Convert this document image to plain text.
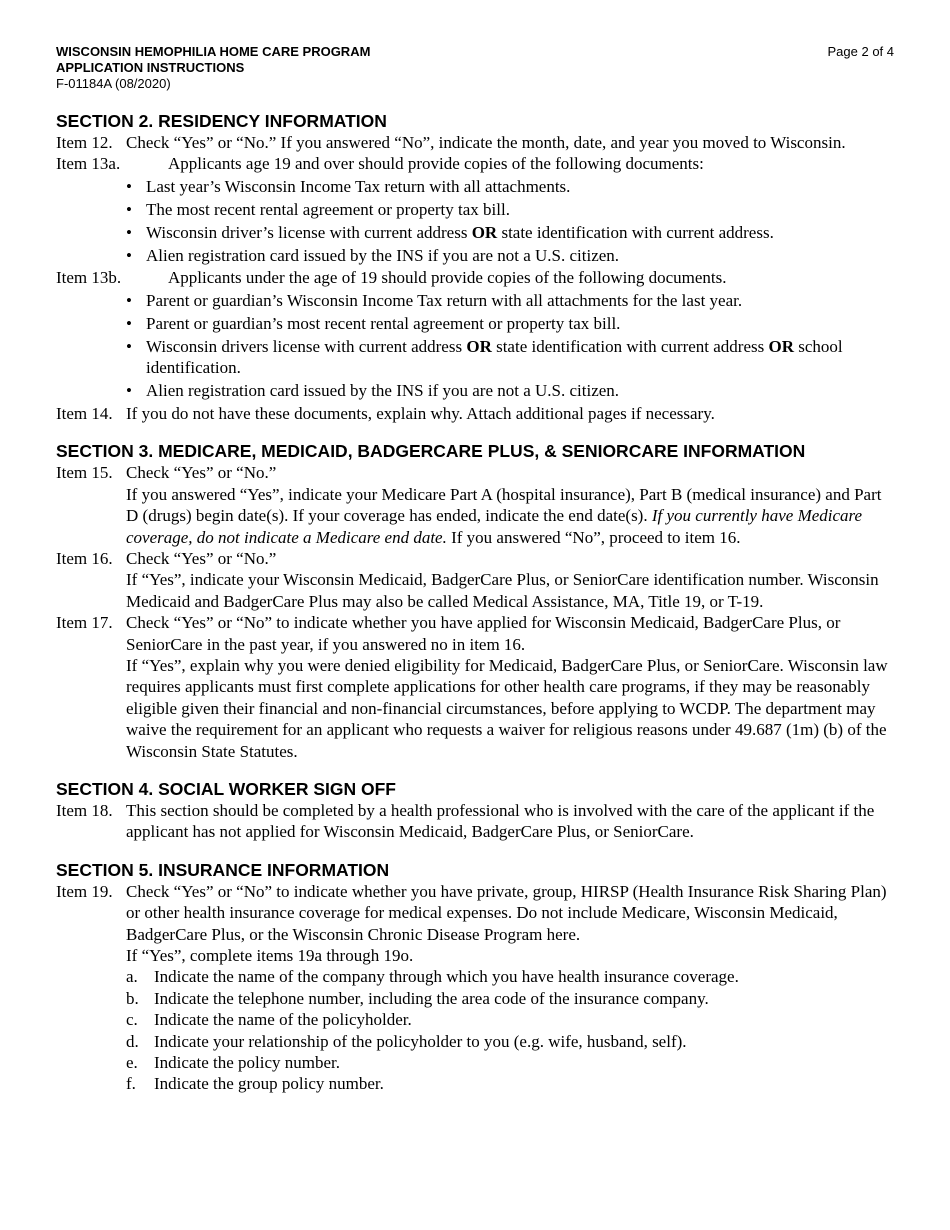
WISCONSIN HEMOPHILIA HOME CARE PROGRAM
APPLICATION INSTRUCTIONS
F-01184A (08/2020)
Page 2 of 4
SECTION 2. RESIDENCY INFORMATION
Item 12. Check “Yes” or “No.” If you answered “No”, indicate the month, date, and year you moved to Wisconsin.
Item 13a.	Applicants age 19 and over should provide copies of the following documents:
• Last year’s Wisconsin Income Tax return with all attachments.
• The most recent rental agreement or property tax bill.
• Wisconsin driver’s license with current address OR state identification with current address.
• Alien registration card issued by the INS if you are not a U.S. citizen.
Item 13b.	Applicants under the age of 19 should provide copies of the following documents.
• Parent or guardian’s Wisconsin Income Tax return with all attachments for the last year.
• Parent or guardian’s most recent rental agreement or property tax bill.
• Wisconsin drivers license with current address OR state identification with current address OR school identification.
• Alien registration card issued by the INS if you are not a U.S. citizen.
Item 14. If you do not have these documents, explain why. Attach additional pages if necessary.
SECTION 3. MEDICARE, MEDICAID, BADGERCARE PLUS, & SENIORCARE INFORMATION
Item 15. Check “Yes” or “No.”
If you answered “Yes”, indicate your Medicare Part A (hospital insurance), Part B (medical insurance) and Part D (drugs) begin date(s). If your coverage has ended, indicate the end date(s). If you currently have Medicare coverage, do not indicate a Medicare end date. If you answered “No”, proceed to item 16.
Item 16. Check “Yes” or “No.”
If “Yes”, indicate your Wisconsin Medicaid, BadgerCare Plus, or SeniorCare identification number. Wisconsin Medicaid and BadgerCare Plus may also be called Medical Assistance, MA, Title 19, or T-19.
Item 17. Check “Yes” or “No” to indicate whether you have applied for Wisconsin Medicaid, BadgerCare Plus, or SeniorCare in the past year, if you answered no in item 16.
If “Yes”, explain why you were denied eligibility for Medicaid, BadgerCare Plus, or SeniorCare. Wisconsin law requires applicants must first complete applications for other health care programs, if they may be reasonably eligible given their financial and non-financial circumstances, before applying to WCDP. The department may waive the requirement for an applicant who requests a waiver for religious reasons under 49.687 (1m) (b) of the Wisconsin State Statutes.
SECTION 4. SOCIAL WORKER SIGN OFF
Item 18. This section should be completed by a health professional who is involved with the care of the applicant if the applicant has not applied for Wisconsin Medicaid, BadgerCare Plus, or SeniorCare.
SECTION 5. INSURANCE INFORMATION
Item 19. Check “Yes” or “No” to indicate whether you have private, group, HIRSP (Health Insurance Risk Sharing Plan) or other health insurance coverage for medical expenses. Do not include Medicare, Wisconsin Medicaid, BadgerCare Plus, or the Wisconsin Chronic Disease Program here.
If “Yes”, complete items 19a through 19o.
a. Indicate the name of the company through which you have health insurance coverage.
b. Indicate the telephone number, including the area code of the insurance company.
c. Indicate the name of the policyholder.
d. Indicate your relationship of the policyholder to you (e.g. wife, husband, self).
e. Indicate the policy number.
f. Indicate the group policy number.
